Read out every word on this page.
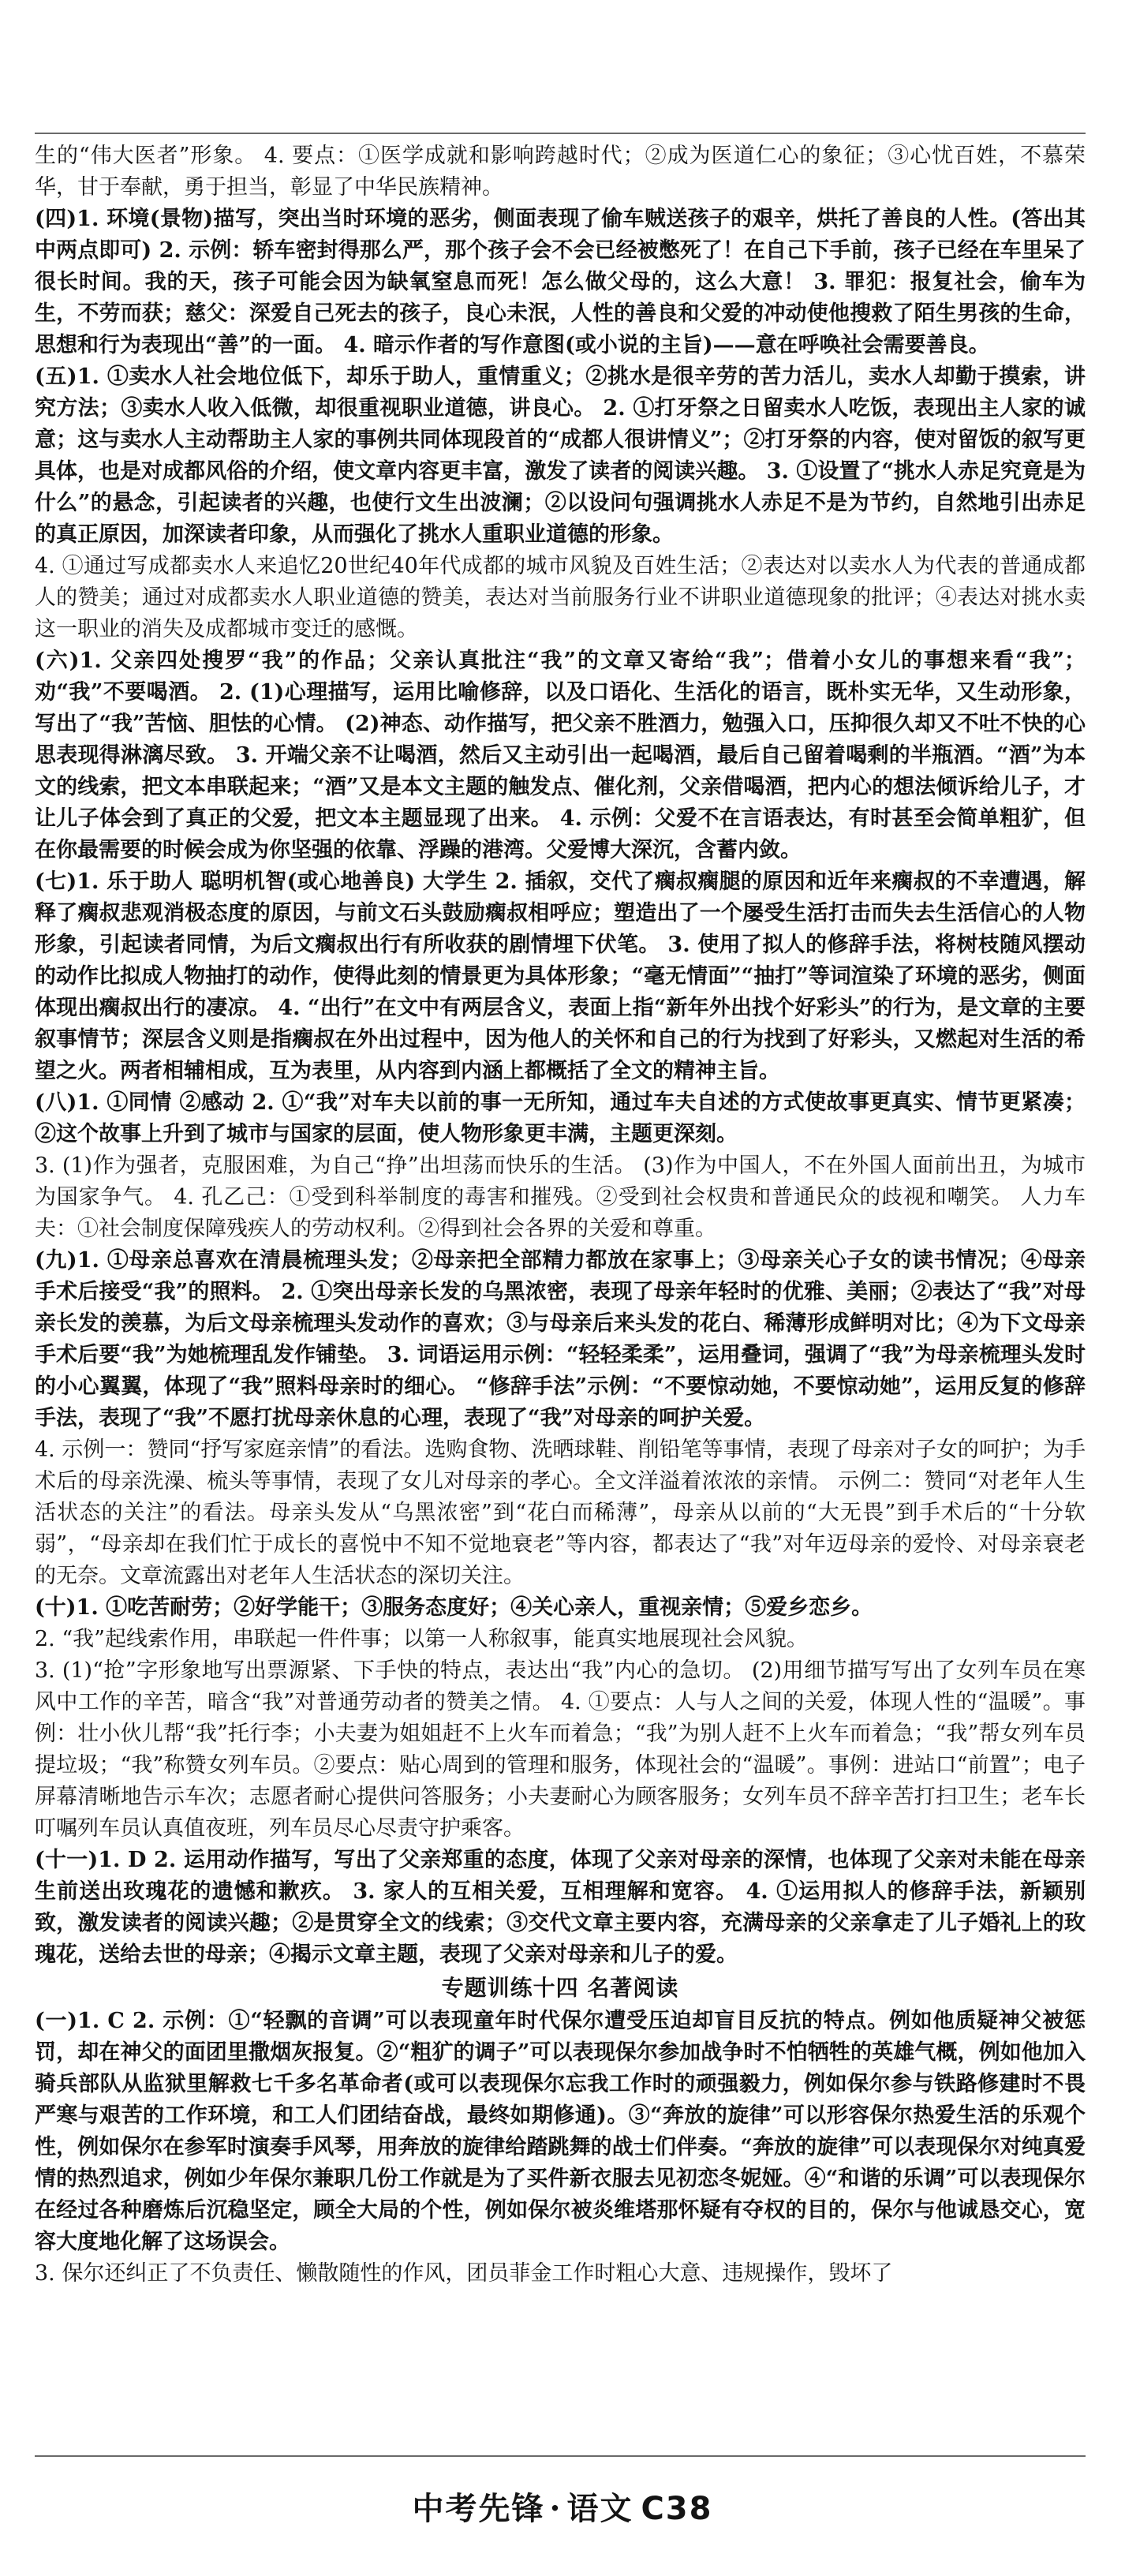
生的“伟大医者”形象。 4. 要点：①医学成就和影响跨越时代；②成为医道仁心的象征；③心忧百姓，不慕荣华，甘于奉献，勇于担当，彰显了中华民族精神。

(四)1. 环境(景物)描写，突出当时环境的恶劣，侧面表现了偷车贼送孩子的艰辛，烘托了善良的人性。(答出其中两点即可) 2. 示例：轿车密封得那么严，那个孩子会不会已经被憋死了！在自己下手前，孩子已经在车里呆了很长时间。我的天，孩子可能会因为缺氧窒息而死！怎么做父母的，这么大意！ 3. 罪犯：报复社会，偷车为生，不劳而获；慈父：深爱自己死去的孩子，良心未泯，人性的善良和父爱的冲动使他搜救了陌生男孩的生命，思想和行为表现出“善”的一面。 4. 暗示作者的写作意图(或小说的主旨)——意在呼唤社会需要善良。

(五)1. ①卖水人社会地位低下，却乐于助人，重情重义；②挑水是很辛劳的苦力活儿，卖水人却勤于摸索，讲究方法；③卖水人收入低微，却很重视职业道德，讲良心。 2. ①打牙祭之日留卖水人吃饭，表现出主人家的诚意；这与卖水人主动帮助主人家的事例共同体现段首的“成都人很讲情义”；②打牙祭的内容，使对留饭的叙写更具体，也是对成都风俗的介绍，使文章内容更丰富，激发了读者的阅读兴趣。 3. ①设置了“挑水人赤足究竟是为什么”的悬念，引起读者的兴趣，也使行文生出波澜；②以设问句强调挑水人赤足不是为节约，自然地引出赤足的真正原因，加深读者印象，从而强化了挑水人重职业道德的形象。

4. ①通过写成都卖水人来追忆20世纪40年代成都的城市风貌及百姓生活；②表达对以卖水人为代表的普通成都人的赞美；通过对成都卖水人职业道德的赞美，表达对当前服务行业不讲职业道德现象的批评；④表达对挑水卖这一职业的消失及成都城市变迁的感慨。

(六)1. 父亲四处搜罗“我”的作品；父亲认真批注“我”的文章又寄给“我”；借着小女儿的事想来看“我”；劝“我”不要喝酒。 2. (1)心理描写，运用比喻修辞，以及口语化、生活化的语言，既朴实无华，又生动形象，写出了“我”苦恼、胆怯的心情。 (2)神态、动作描写，把父亲不胜酒力，勉强入口，压抑很久却又不吐不快的心思表现得淋漓尽致。 3. 开端父亲不让喝酒，然后又主动引出一起喝酒，最后自己留着喝剩的半瓶酒。“酒”为本文的线索，把文本串联起来；“酒”又是本文主题的触发点、催化剂，父亲借喝酒，把内心的想法倾诉给儿子，才让儿子体会到了真正的父爱，把文本主题显现了出来。 4. 示例：父爱不在言语表达，有时甚至会简单粗犷，但在你最需要的时候会成为你坚强的依靠、浮躁的港湾。父爱博大深沉，含蓄内敛。

(七)1. 乐于助人 聪明机智(或心地善良) 大学生 2. 插叙，交代了瘸叔瘸腿的原因和近年来瘸叔的不幸遭遇，解释了瘸叔悲观消极态度的原因，与前文石头鼓励瘸叔相呼应；塑造出了一个屡受生活打击而失去生活信心的人物形象，引起读者同情，为后文瘸叔出行有所收获的剧情埋下伏笔。 3. 使用了拟人的修辞手法，将树枝随风摆动的动作比拟成人物抽打的动作，使得此刻的情景更为具体形象；“毫无情面”“抽打”等词渲染了环境的恶劣，侧面体现出瘸叔出行的凄凉。 4. “出行”在文中有两层含义，表面上指“新年外出找个好彩头”的行为，是文章的主要叙事情节；深层含义则是指瘸叔在外出过程中，因为他人的关怀和自己的行为找到了好彩头，又燃起对生活的希望之火。两者相辅相成，互为表里，从内容到内涵上都概括了全文的精神主旨。

(八)1. ①同情 ②感动 2. ①“我”对车夫以前的事一无所知，通过车夫自述的方式使故事更真实、情节更紧凑；②这个故事上升到了城市与国家的层面，使人物形象更丰满，主题更深刻。

3. (1)作为强者，克服困难，为自己“挣”出坦荡而快乐的生活。 (3)作为中国人，不在外国人面前出丑，为城市为国家争气。 4. 孔乙己：①受到科举制度的毒害和摧残。②受到社会权贵和普通民众的歧视和嘲笑。 人力车夫：①社会制度保障残疾人的劳动权利。②得到社会各界的关爱和尊重。

(九)1. ①母亲总喜欢在清晨梳理头发；②母亲把全部精力都放在家事上；③母亲关心子女的读书情况；④母亲手术后接受“我”的照料。 2. ①突出母亲长发的乌黑浓密，表现了母亲年轻时的优雅、美丽；②表达了“我”对母亲长发的羡慕，为后文母亲梳理头发动作的喜欢；③与母亲后来头发的花白、稀薄形成鲜明对比；④为下文母亲手术后要“我”为她梳理乱发作铺垫。 3. 词语运用示例：“轻轻柔柔”，运用叠词，强调了“我”为母亲梳理头发时的小心翼翼，体现了“我”照料母亲时的细心。 “修辞手法”示例：“不要惊动她，不要惊动她”，运用反复的修辞手法，表现了“我”不愿打扰母亲休息的心理，表现了“我”对母亲的呵护关爱。

4. 示例一：赞同“抒写家庭亲情”的看法。选购食物、洗晒球鞋、削铅笔等事情，表现了母亲对子女的呵护；为手术后的母亲洗澡、梳头等事情，表现了女儿对母亲的孝心。全文洋溢着浓浓的亲情。 示例二：赞同“对老年人生活状态的关注”的看法。母亲头发从“乌黑浓密”到“花白而稀薄”，母亲从以前的“大无畏”到手术后的“十分软弱”，“母亲却在我们忙于成长的喜悦中不知不觉地衰老”等内容，都表达了“我”对年迈母亲的爱怜、对母亲衰老的无奈。文章流露出对老年人生活状态的深切关注。

(十)1. ①吃苦耐劳；②好学能干；③服务态度好；④关心亲人，重视亲情；⑤爱乡恋乡。

2. “我”起线索作用，串联起一件件事；以第一人称叙事，能真实地展现社会风貌。

3. (1)“抢”字形象地写出票源紧、下手快的特点，表达出“我”内心的急切。 (2)用细节描写写出了女列车员在寒风中工作的辛苦，暗含“我”对普通劳动者的赞美之情。 4. ①要点：人与人之间的关爱，体现人性的“温暖”。事例：壮小伙儿帮“我”托行李；小夫妻为姐姐赶不上火车而着急；“我”为别人赶不上火车而着急；“我”帮女列车员提垃圾；“我”称赞女列车员。②要点：贴心周到的管理和服务，体现社会的“温暖”。事例：进站口“前置”；电子屏幕清晰地告示车次；志愿者耐心提供问答服务；小夫妻耐心为顾客服务；女列车员不辞辛苦打扫卫生；老车长叮嘱列车员认真值夜班，列车员尽心尽责守护乘客。

(十一)1. D 2. 运用动作描写，写出了父亲郑重的态度，体现了父亲对母亲的深情，也体现了父亲对未能在母亲生前送出玫瑰花的遗憾和歉疚。 3. 家人的互相关爱，互相理解和宽容。 4. ①运用拟人的修辞手法，新颖别致，激发读者的阅读兴趣；②是贯穿全文的线索；③交代文章主要内容，充满母亲的父亲拿走了儿子婚礼上的玫瑰花，送给去世的母亲；④揭示文章主题，表现了父亲对母亲和儿子的爱。

专题训练十四 名著阅读

(一)1. C 2. 示例：①“轻飘的音调”可以表现童年时代保尔遭受压迫却盲目反抗的特点。例如他质疑神父被惩罚，却在神父的面团里撒烟灰报复。②“粗犷的调子”可以表现保尔参加战争时不怕牺牲的英雄气概，例如他加入骑兵部队从监狱里解救七千多名革命者(或可以表现保尔忘我工作时的顽强毅力，例如保尔参与铁路修建时不畏严寒与艰苦的工作环境，和工人们团结奋战，最终如期修通)。③“奔放的旋律”可以形容保尔热爱生活的乐观个性，例如保尔在参军时演奏手风琴，用奔放的旋律给踏跳舞的战士们伴奏。“奔放的旋律”可以表现保尔对纯真爱情的热烈追求，例如少年保尔兼职几份工作就是为了买件新衣服去见初恋冬妮娅。④“和谐的乐调”可以表现保尔在经过各种磨炼后沉稳坚定，顾全大局的个性，例如保尔被炎维塔那怀疑有夺权的目的，保尔与他诚恳交心，宽容大度地化解了这场误会。

3. 保尔还纠正了不负责任、懒散随性的作风，团员菲金工作时粗心大意、违规操作，毁坏了

中考先锋 · 语文 C38
